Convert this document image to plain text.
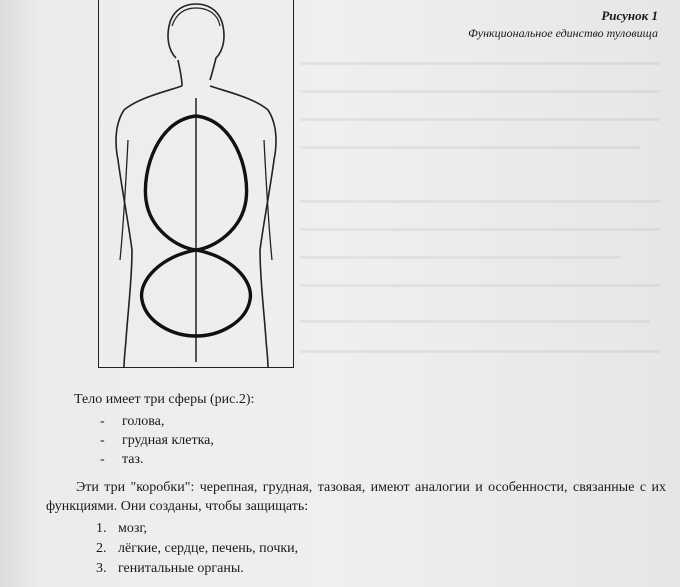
Рисунок 1
Функциональное единство туловища
Тело имеет три сферы (рис.2):
- голова,
- грудная клетка,
- таз.
Эти три "коробки": черепная, грудная, тазовая, имеют аналогии и особенности, связанные с их функциями. Они созданы, чтобы защищать:
1. мозг,
2. лёгкие, сердце, печень, почки,
3. генитальные органы.
